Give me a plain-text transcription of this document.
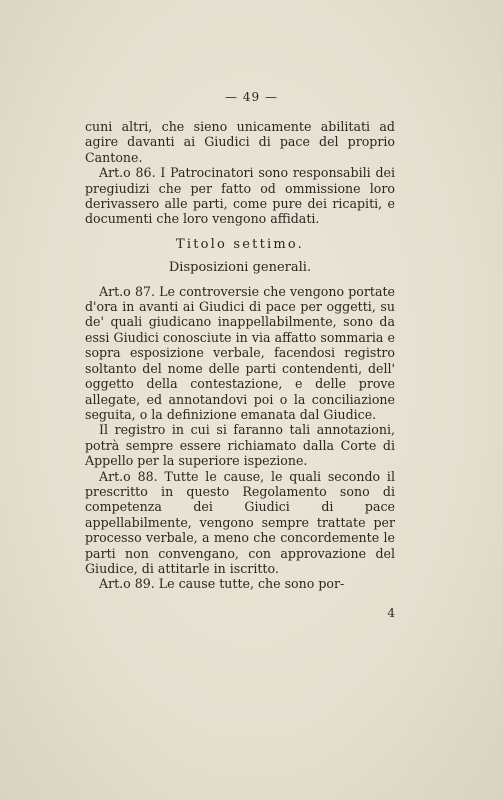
— 49 —

cuni altri, che sieno unicamente abilitati ad agire davanti ai Giudici di pace del proprio Cantone.

Art.o 86. I Patrocinatori sono responsabili dei pregiudizi che per fatto od ommissione loro derivassero alle parti, come pure dei ricapiti, e documenti che loro vengono affidati.

Titolo settimo.

Disposizioni generali.

Art.o 87. Le controversie che vengono portate d'ora in avanti ai Giudici di pace per oggetti, su de' quali giudicano inappellabilmente, sono da essi Giudici conosciute in via affatto sommaria e sopra esposizione verbale, facendosi registro soltanto del nome delle parti contendenti, dell' oggetto della contestazione, e delle prove allegate, ed annotandovi poi o la conciliazione seguita, o la definizione emanata dal Giudice.

Il registro in cui si faranno tali annotazioni, potrà sempre essere richiamato dalla Corte di Appello per la superiore ispezione.

Art.o 88. Tutte le cause, le quali secondo il prescritto in questo Regolamento sono di competenza dei Giudici di pace appellabilmente, vengono sempre trattate per processo verbale, a meno che concordemente le parti non convengano, con approvazione del Giudice, di attitarle in iscritto.

Art.o 89. Le cause tutte, che sono por-

4
